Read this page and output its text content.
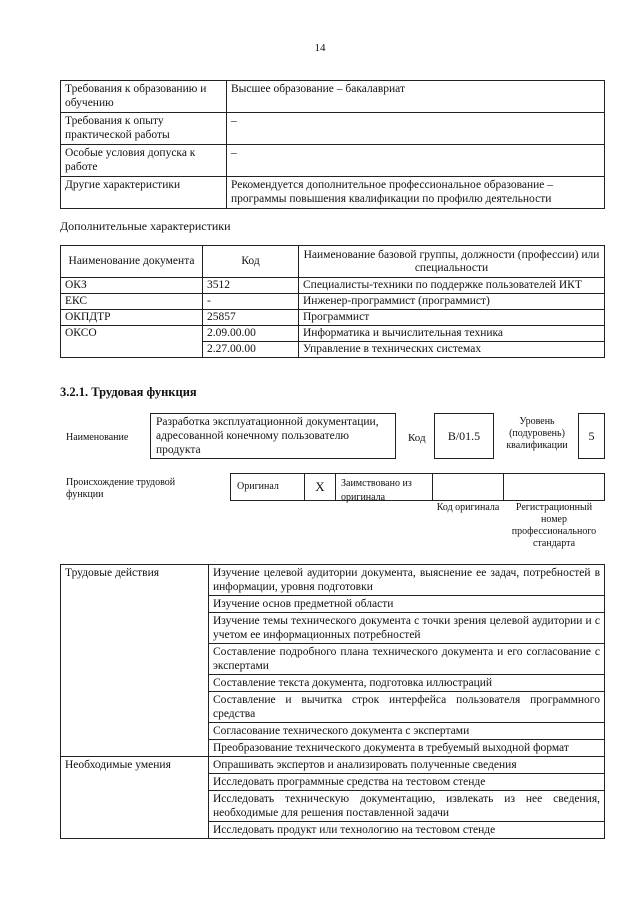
14
Требования к образованию и обучению	Высшее образование – бакалавриат
Требования к опыту практической работы	–
Особые условия допуска к работе	–
Другие характеристики	Рекомендуется дополнительное профессиональное образование – программы повышения квалификации по профилю деятельности
Дополнительные характеристики
Наименование документа	Код	Наименование базовой группы, должности (профессии) или специальности
ОКЗ	3512	Специалисты-техники по поддержке пользователей ИКТ
ЕКС	-	Инженер-программист (программист)
ОКПДТР	25857	Программист
ОКСО	2.09.00.00	Информатика и вычислительная техника
	2.27.00.00	Управление в технических системах
3.2.1. Трудовая функция
Наименование
Разработка эксплуатационной документации, адресованной конечному пользователю продукта
Код В/01.5
Уровень (подуровень) квалификации
5
Происхождение трудовой функции
Оригинал	Х	Заимствовано из оригинала
Код оригинала	Регистрационный номер профессионального стандарта
Трудовые действия	Изучение целевой аудитории документа, выяснение ее задач, потребностей в информации, уровня подготовки
	Изучение основ предметной области
	Изучение темы технического документа с точки зрения целевой аудитории и с учетом ее информационных потребностей
	Составление подробного плана технического документа и его согласование с экспертами
	Составление текста документа, подготовка иллюстраций
	Составление и вычитка строк интерфейса пользователя программного средства
	Согласование технического документа с экспертами
	Преобразование технического документа в требуемый выходной формат
Необходимые умения	Опрашивать экспертов и анализировать полученные сведения
	Исследовать программные средства на тестовом стенде
	Исследовать техническую документацию, извлекать из нее сведения, необходимые для решения поставленной задачи
	Исследовать продукт или технологию на тестовом стенде
